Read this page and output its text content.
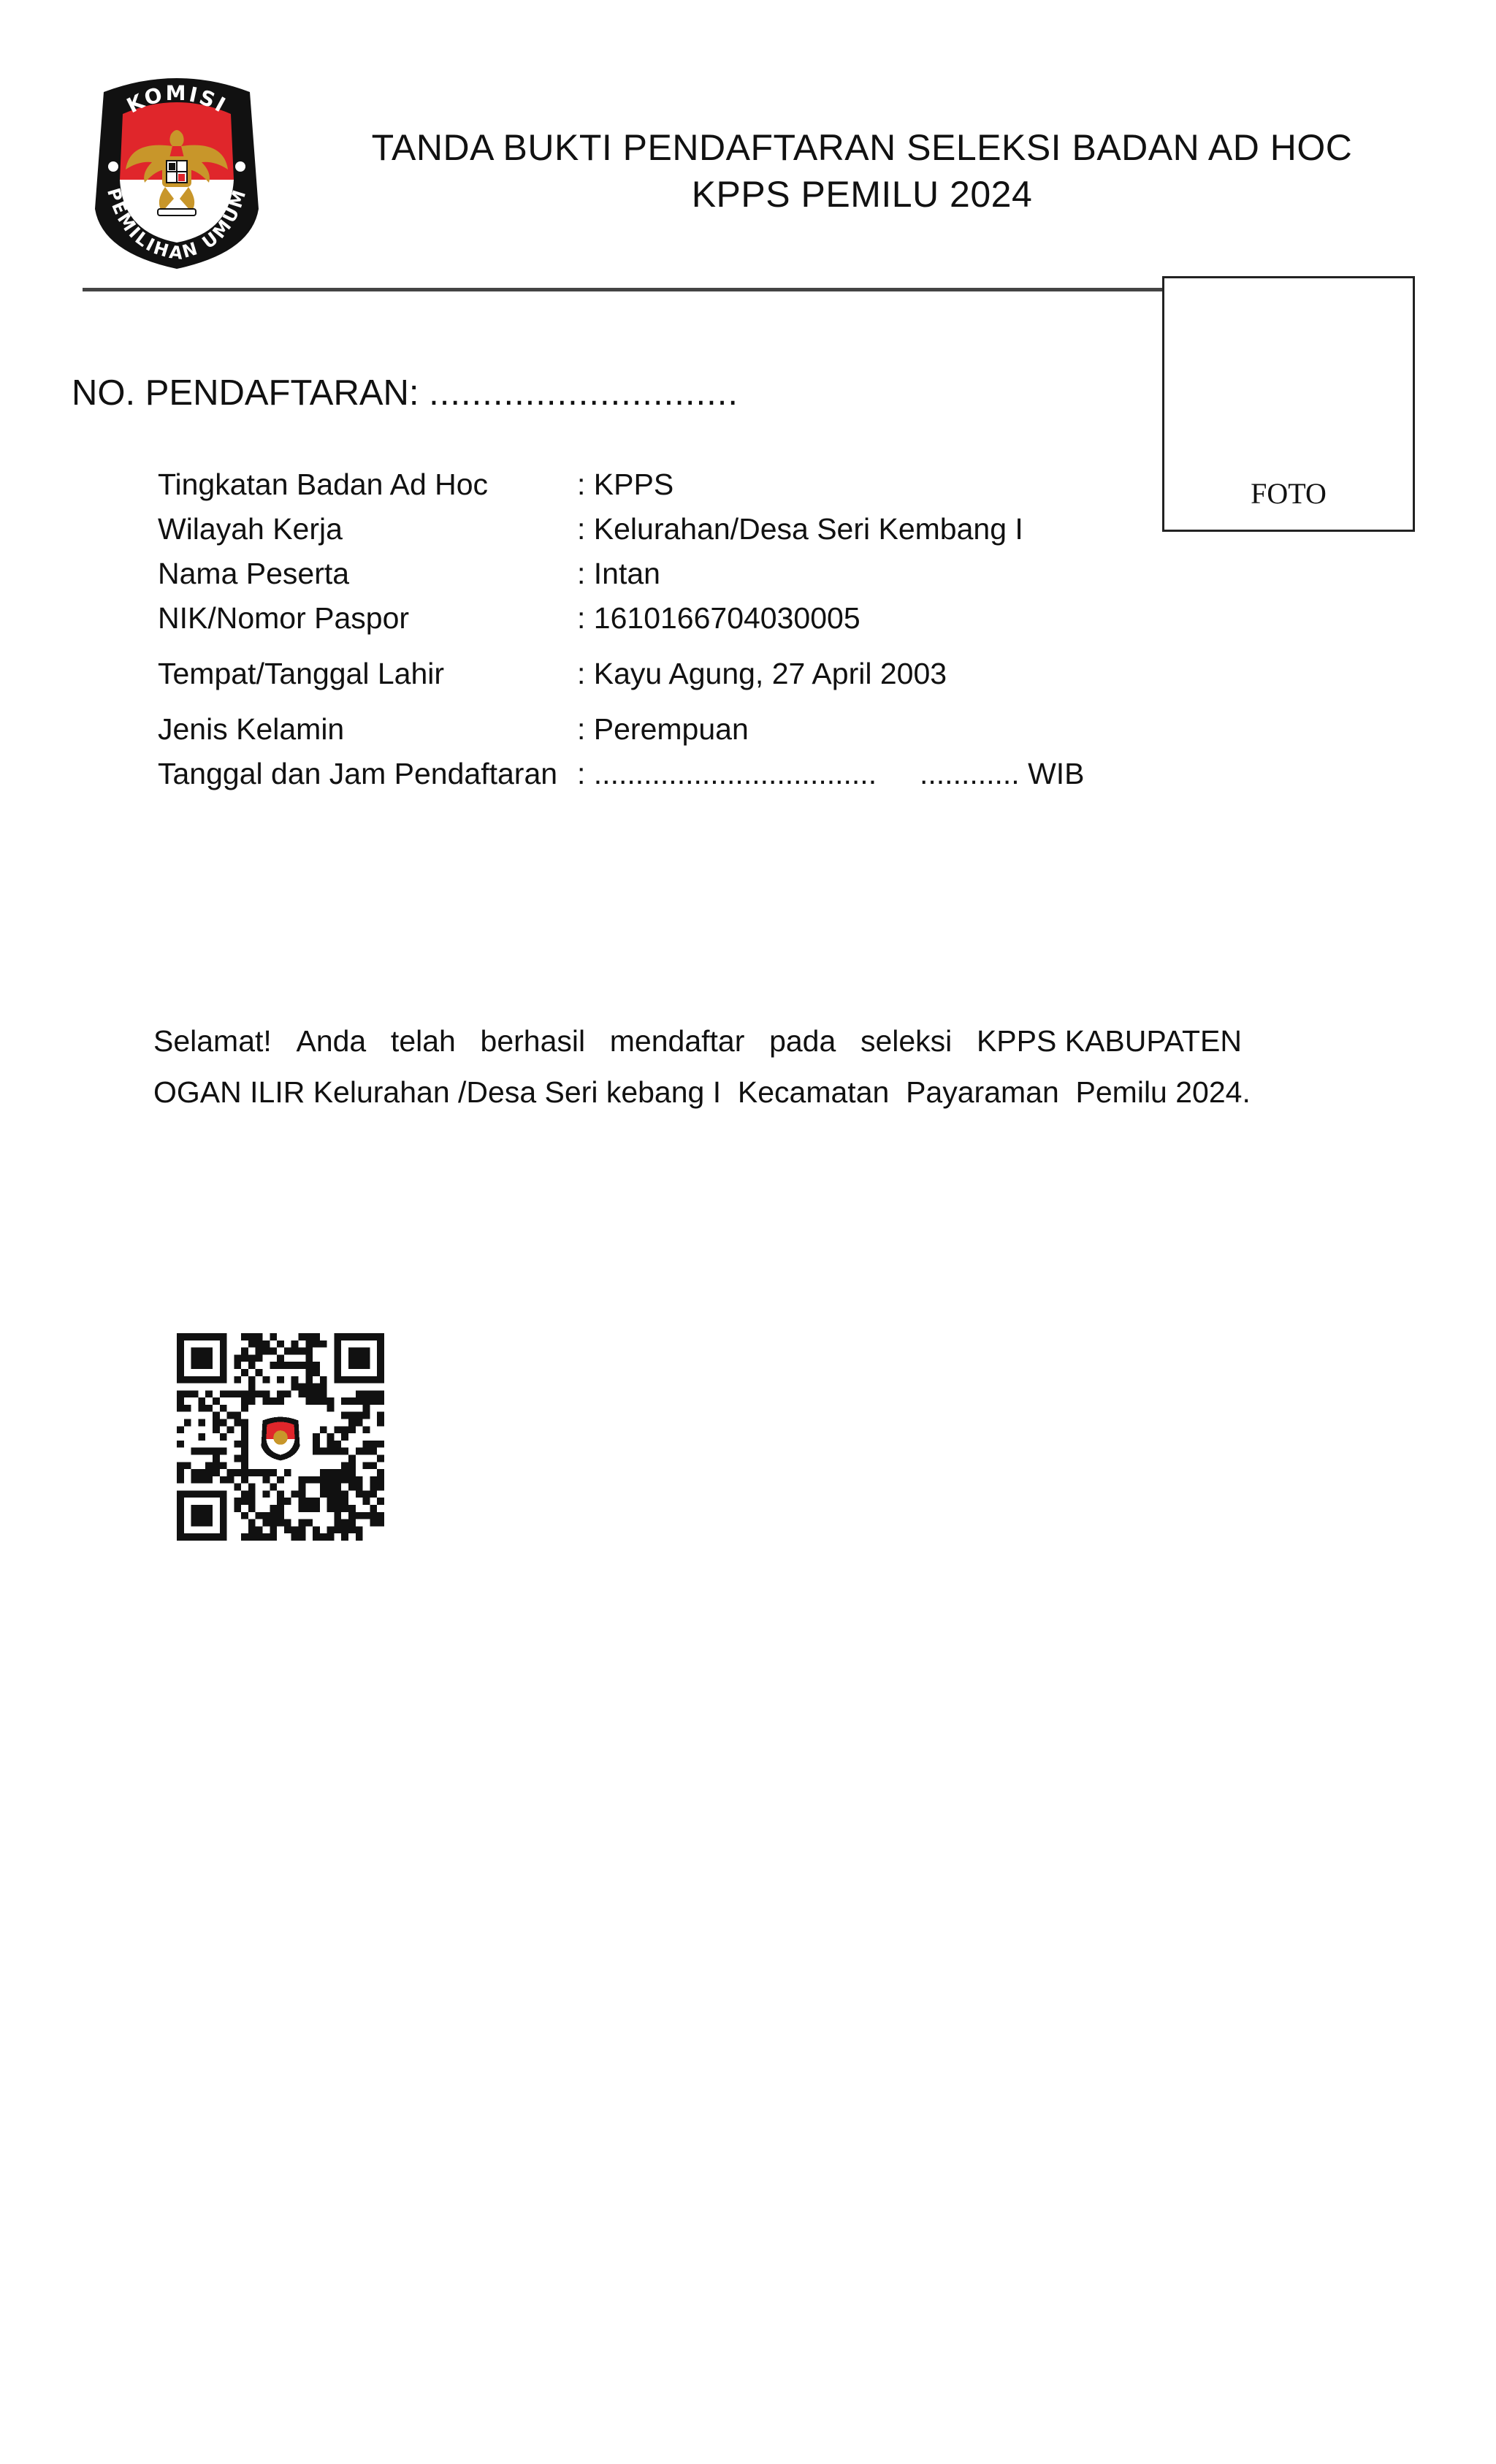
KOMISI
PEMILIHAN UMUM
TANDA BUKTI PENDAFTARAN SELEKSI BADAN AD HOC
KPPS PEMILU 2024
FOTO
NO. PENDAFTARAN: .............................
Tingkatan Badan Ad Hoc	: KPPS
Wilayah Kerja	: Kelurahan/Desa Seri Kembang I
Nama Peserta	: Intan
NIK/Nomor Paspor	: 1610166704030005
Tempat/Tanggal Lahir	: Kayu Agung, 27 April 2003
Jenis Kelamin	: Perempuan
Tanggal dan Jam Pendaftaran : .................................. ............ WIB
Selamat! Anda telah berhasil mendaftar pada seleksi KPPS KABUPATEN
OGAN ILIR Kelurahan /Desa Seri kebang I  Kecamatan  Payaraman  Pemilu 2024.
